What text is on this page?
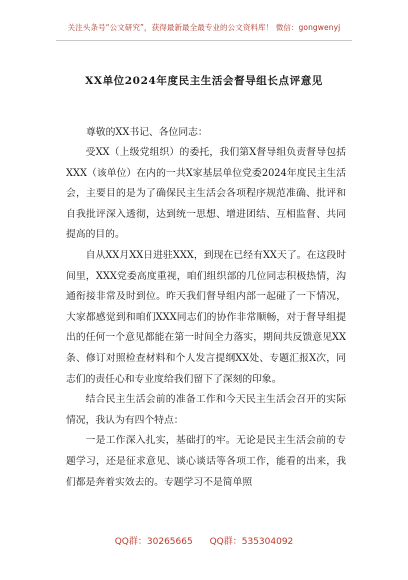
关注头条号“公文研究”，获得最新最全最专业的公文资料库！ 微信：gongwenyj
XX单位2024年度民主生活会督导组长点评意见
尊敬的XX书记、各位同志：

受XX（上级党组织）的委托，我们第X督导组负责督导包括XXX（该单位）在内的一共X家基层单位党委2024年度民主生活会，主要目的是为了确保民主生活会各项程序规范准确、批评和自我批评深入透彻，达到统一思想、增进团结、互相监督、共同提高的目的。

自从XX月XX日进驻XXX，到现在已经有XX天了。在这段时间里，XXX党委高度重视，咱们组织部的几位同志积极热情，沟通衔接非常及时到位。昨天我们督导组内部一起碰了一下情况，大家都感觉到和咱们XXX同志们的协作非常顺畅，对于督导组提出的任何一个意见都能在第一时间全力落实，期间共反馈意见XX条、修订对照检查材料和个人发言提纲XX处、专题汇报X次，同志们的责任心和专业度给我们留下了深刻的印象。

结合民主生活会前的准备工作和今天民主生活会召开的实际情况，我认为有四个特点：

一是工作深入扎实，基础打的牢。无论是民主生活会前的专题学习，还是征求意见、谈心谈话等各项工作，能看的出来，我们都是奔着实效去的。专题学习不是简单照

QQ群：30265665 QQ群：535304092
